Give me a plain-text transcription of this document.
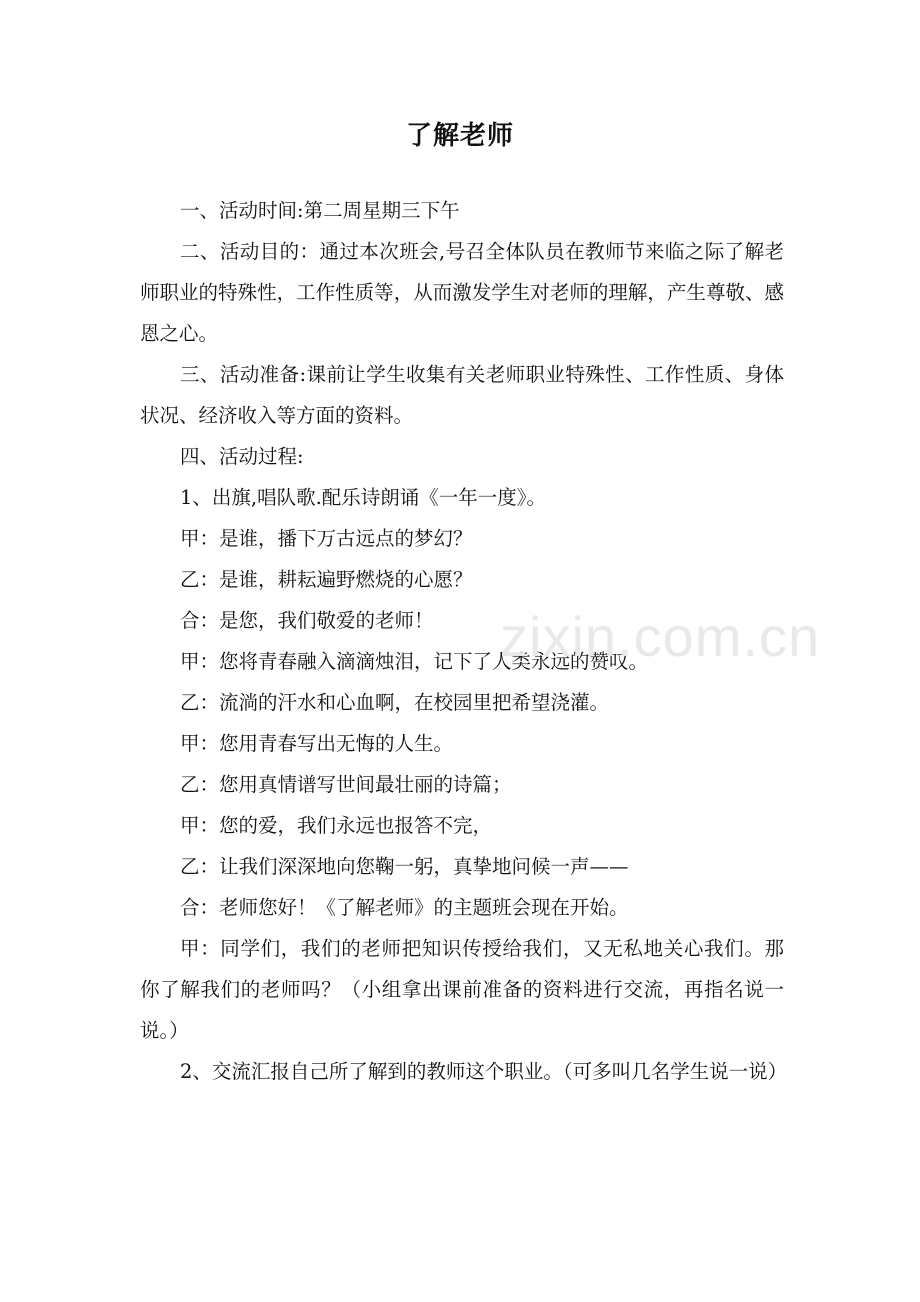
了解老师

一、活动时间:第二周星期三下午

二、活动目的：通过本次班会,号召全体队员在教师节来临之际了解老师职业的特殊性，工作性质等，从而激发学生对老师的理解，产生尊敬、感恩之心。

三、活动准备:课前让学生收集有关老师职业特殊性、工作性质、身体状况、经济收入等方面的资料。

四、活动过程:

1、出旗,唱队歌.配乐诗朗诵《一年一度》。

甲：是谁，播下万古远点的梦幻？

乙：是谁，耕耘遍野燃烧的心愿？

合：是您，我们敬爱的老师！

甲：您将青春融入滴滴烛泪，记下了人类永远的赞叹。

乙：流淌的汗水和心血啊，在校园里把希望浇灌。

甲：您用青春写出无悔的人生。

乙：您用真情谱写世间最壮丽的诗篇；

甲：您的爱，我们永远也报答不完，

乙：让我们深深地向您鞠一躬，真挚地问候一声——

合：老师您好！《了解老师》的主题班会现在开始。

甲：同学们，我们的老师把知识传授给我们，又无私地关心我们。那你了解我们的老师吗？（小组拿出课前准备的资料进行交流，再指名说一说。）

2、交流汇报自己所了解到的教师这个职业。（可多叫几名学生说一说）

zixin.com.cn
